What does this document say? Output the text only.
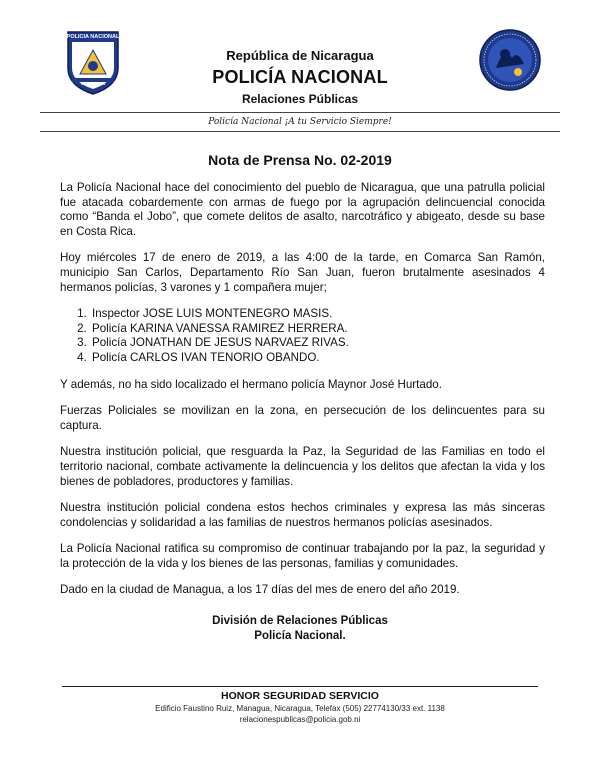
POLICIA NACIONAL
NICARAGUA
República de Nicaragua
POLICÍA NACIONAL
Relaciones Públicas
Policía Nacional ¡A tu Servicio Siempre!
Nota de Prensa No. 02-2019

La Policía Nacional hace del conocimiento del pueblo de Nicaragua, que una patrulla policial fue atacada cobardemente con armas de fuego por la agrupación delincuencial conocida como “Banda el Jobo”, que comete delitos de asalto, narcotráfico y abigeato, desde su base en Costa Rica.

Hoy miércoles 17 de enero de 2019, a las 4:00 de la tarde, en Comarca San Ramón, municipio San Carlos, Departamento Río San Juan, fueron brutalmente asesinados 4 hermanos policías, 3 varones y 1 compañera mujer;

1. Inspector JOSE LUIS MONTENEGRO MASIS.
2. Policía KARINA VANESSA RAMIREZ HERRERA.
3. Policía JONATHAN DE JESUS NARVAEZ RIVAS.
4. Policía CARLOS IVAN TENORIO OBANDO.

Y además, no ha sido localizado el hermano policía Maynor José Hurtado.

Fuerzas Policiales se movilizan en la zona, en persecución de los delincuentes para su captura.

Nuestra institución policial, que resguarda la Paz, la Seguridad de las Familias en todo el territorio nacional, combate activamente la delincuencia y los delitos que afectan la vida y los bienes de pobladores, productores y familias.

Nuestra institución policial condena estos hechos criminales y expresa las más sinceras condolencias y solidaridad a las familias de nuestros hermanos policías asesinados.

La Policía Nacional ratifica su compromiso de continuar trabajando por la paz, la seguridad y la protección de la vida y los bienes de las personas, familias y comunidades.

Dado en la ciudad de Managua, a los 17 días del mes de enero del año 2019.

División de Relaciones Públicas
Policía Nacional.
HONOR SEGURIDAD SERVICIO
Edificio Faustino Ruiz, Managua, Nicaragua, Telefax (505) 22774130/33 ext. 1138
relacionespublicas@policia.gob.ni
